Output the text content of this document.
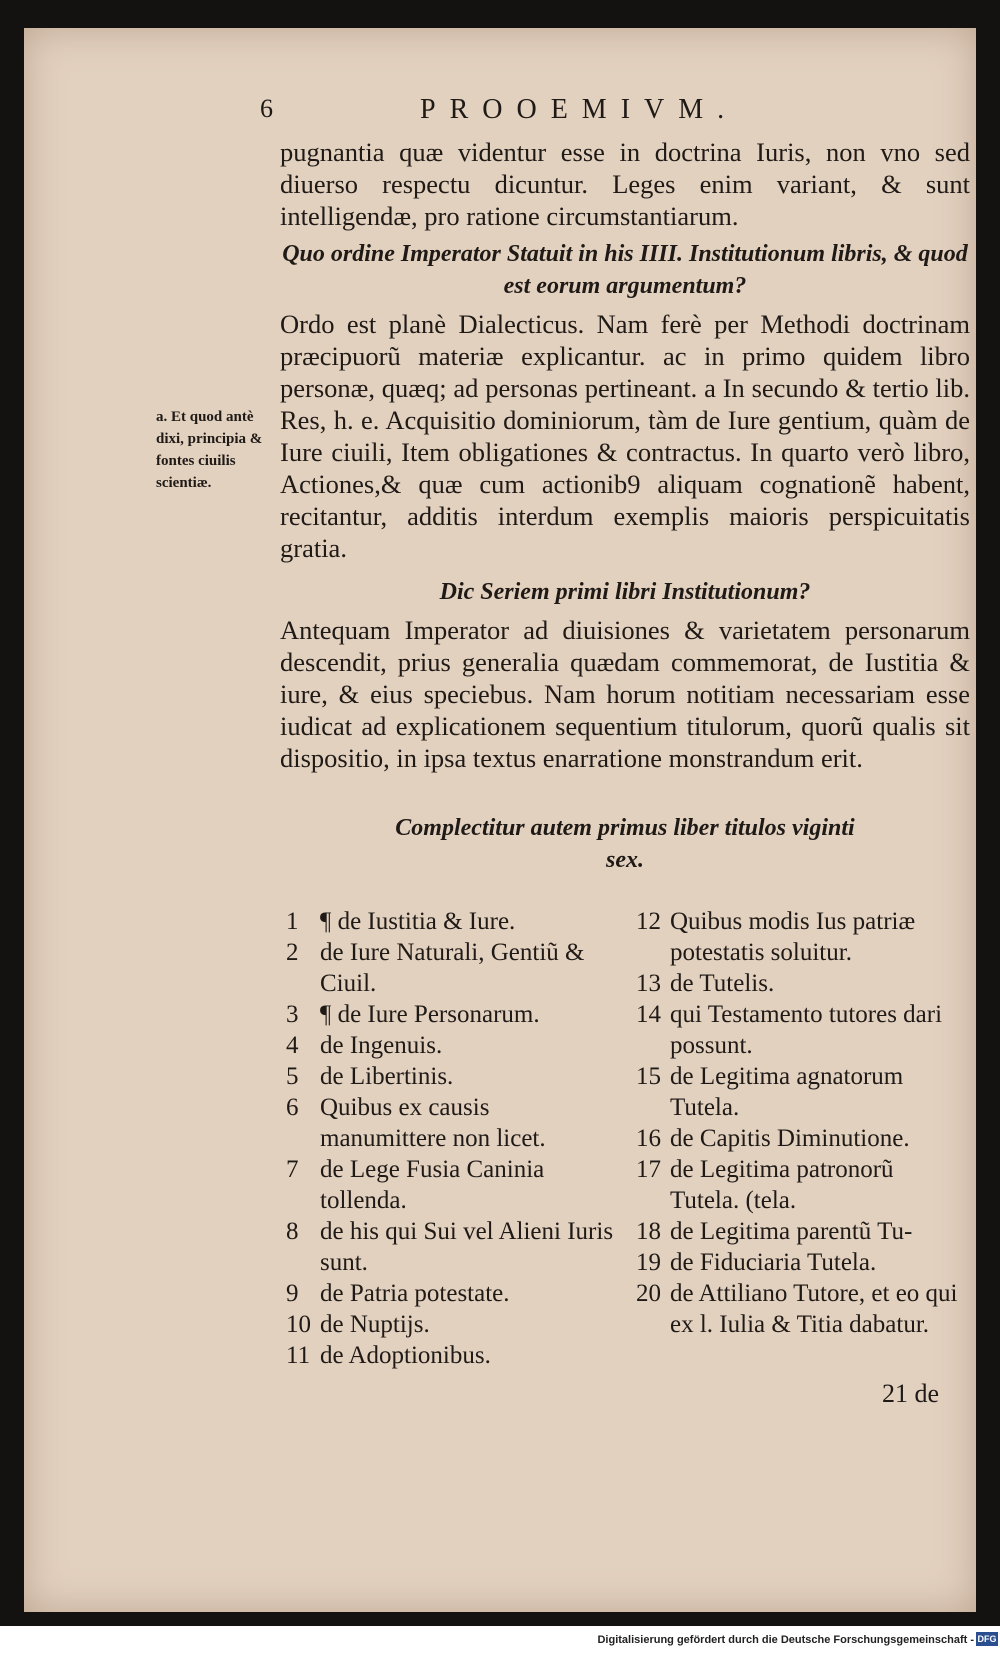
6	PROOEMIVM.
pugnantia quæ videntur esse in doctrina Iuris, non vno sed diuerso respectu dicuntur. Leges enim variant, & sunt intelligendæ, pro ratione circumstantiarum.
Quo ordine Imperator Statuit in his IIII. Institutionum libris, & quod est eorum argumentum?
Ordo est planè Dialecticus. Nam ferè per Methodi doctrinam præcipuorũ materiæ explicantur. ac in primo quidem libro personæ, quæq; ad personas pertineant. a In secundo & tertio lib. Res, h. e. Acquisitio dominiorum, tàm de Iure gentium, quàm de Iure ciuili, Item obligationes & contractus. In quarto verò libro, Actiones,& quæ cum actionib9 aliquam cognationẽ habent, recitantur, additis interdum exemplis maioris perspicuitatis gratia.
a. Et quod antè dixi, principia & fontes ciuilis scientiæ.
Dic Seriem primi libri Institutionum?
Antequam Imperator ad diuisiones & varietatem personarum descendit, prius generalia quædam commemorat, de Iustitia & iure, & eius speciebus. Nam horum notitiam necessariam esse iudicat ad explicationem sequentium titulorum, quorũ qualis sit dispositio, in ipsa textus enarratione monstrandum erit.
Complectitur autem primus liber titulos viginti sex.
1 ¶ de Iustitia & Iure.
2 de Iure Naturali, Gentiũ & Ciuil.
3 ¶ de Iure Personarum.
4 de Ingenuis.
5 de Libertinis.
6 Quibus ex causis manumittere non licet.
7 de Lege Fusia Caninia tollenda.
8 de his qui Sui vel Alieni Iuris sunt.
9 de Patria potestate.
10 de Nuptijs.
11 de Adoptionibus.
12 Quibus modis Ius patriæ potestatis soluitur.
13 de Tutelis.
14 qui Testamento tutores dari possunt.
15 de Legitima agnatorum Tutela.
16 de Capitis Diminutione.
17 de Legitima patronorũ Tutela. (tela.
18 de Legitima parentũ Tu-
19 de Fiduciaria Tutela.
20 de Attiliano Tutore, et eo qui ex l. Iulia & Titia dabatur.
21 de
Digitalisierung gefördert durch die Deutsche Forschungsgemeinschaft - DFG
